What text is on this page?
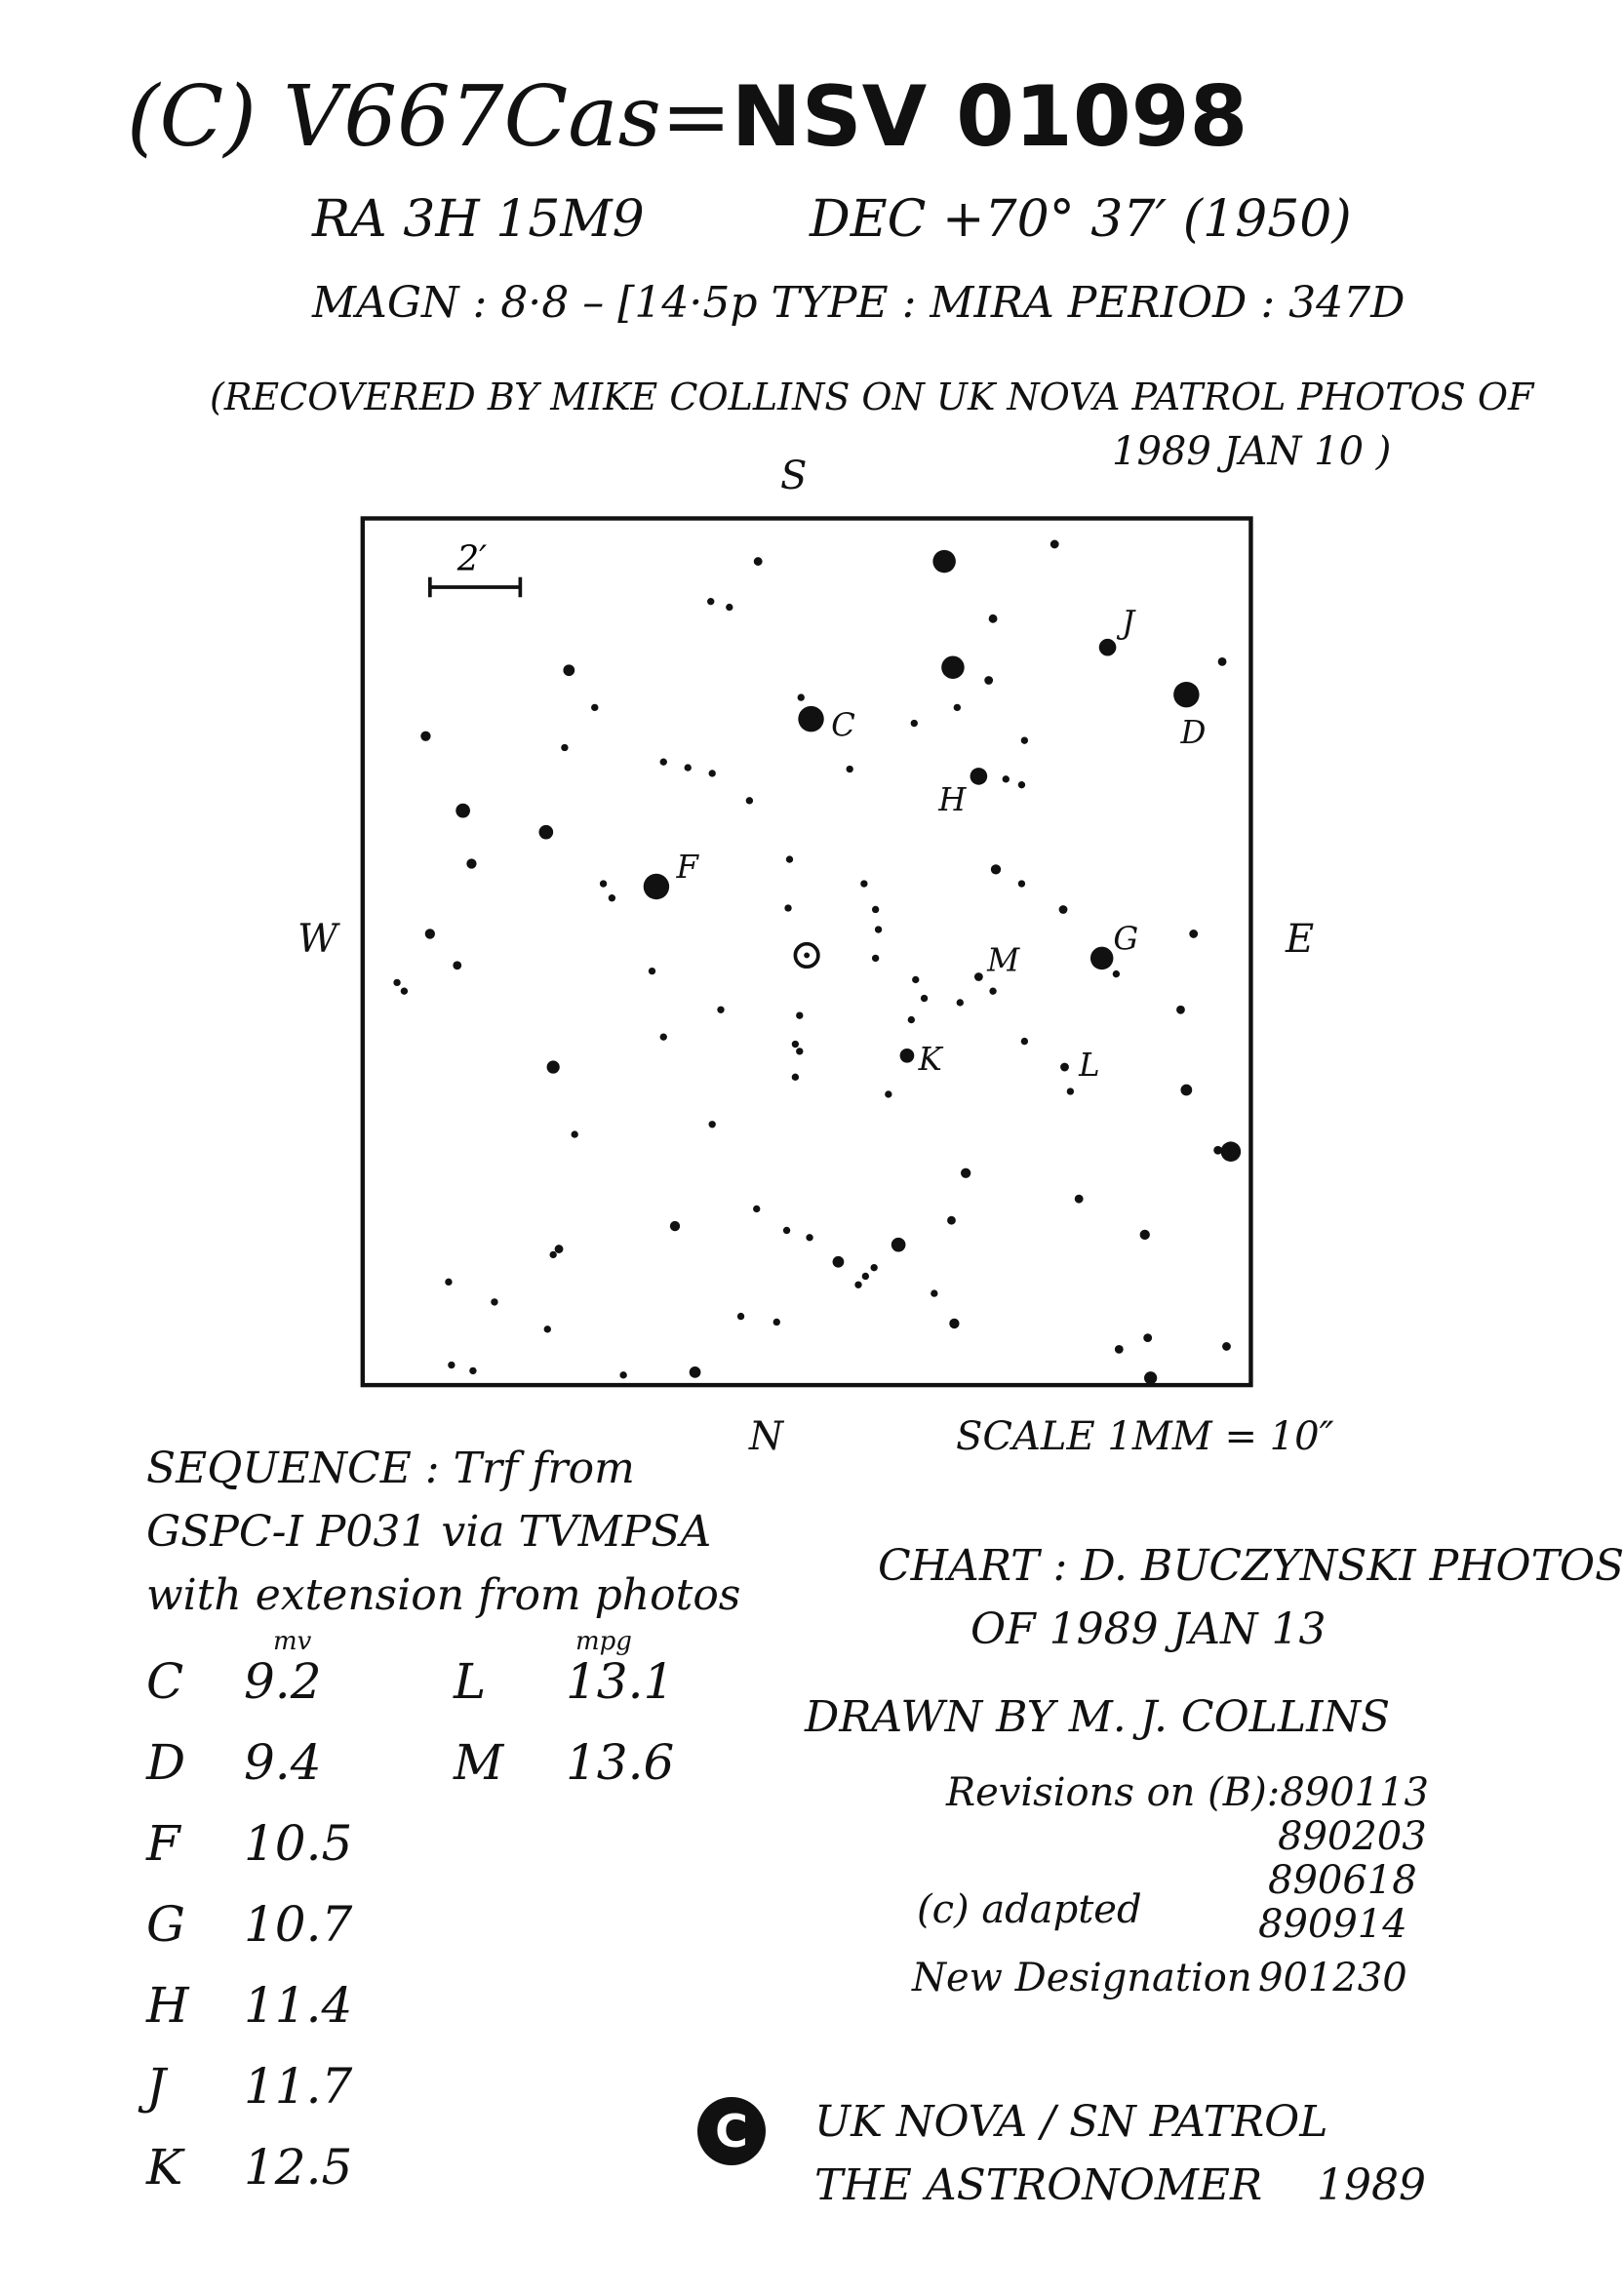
(C) V667Cas=NSV 01098
RA 3H 15M9	DEC +70° 37′ (1950)
MAGN : 8·8 – [14·5p TYPE : MIRA PERIOD : 347D
(RECOVERED BY MIKE COLLINS ON UK NOVA PATROL PHOTOS OF
1989 JAN 10 )
S
N
W	E
2′
C	D
F
G
H
J
K	L
M
SCALE 1MM = 10″
SEQUENCE : Trf from
GSPC-I P031 via TVMPSA
with extension from photos
mv	mpg
C 9.2
D 9.4
F 10.5
G 10.7
H 11.4
J 11.7
K 12.5
L 13.1
M 13.6
CHART : D. BUCZYNSKI PHOTOS
OF 1989 JAN 13
DRAWN BY M. J. COLLINS
Revisions on (B):890113
890203
890618
890914
(c) adapted
New Designation 901230
C	UK NOVA / SN PATROL
THE ASTRONOMER 1989
